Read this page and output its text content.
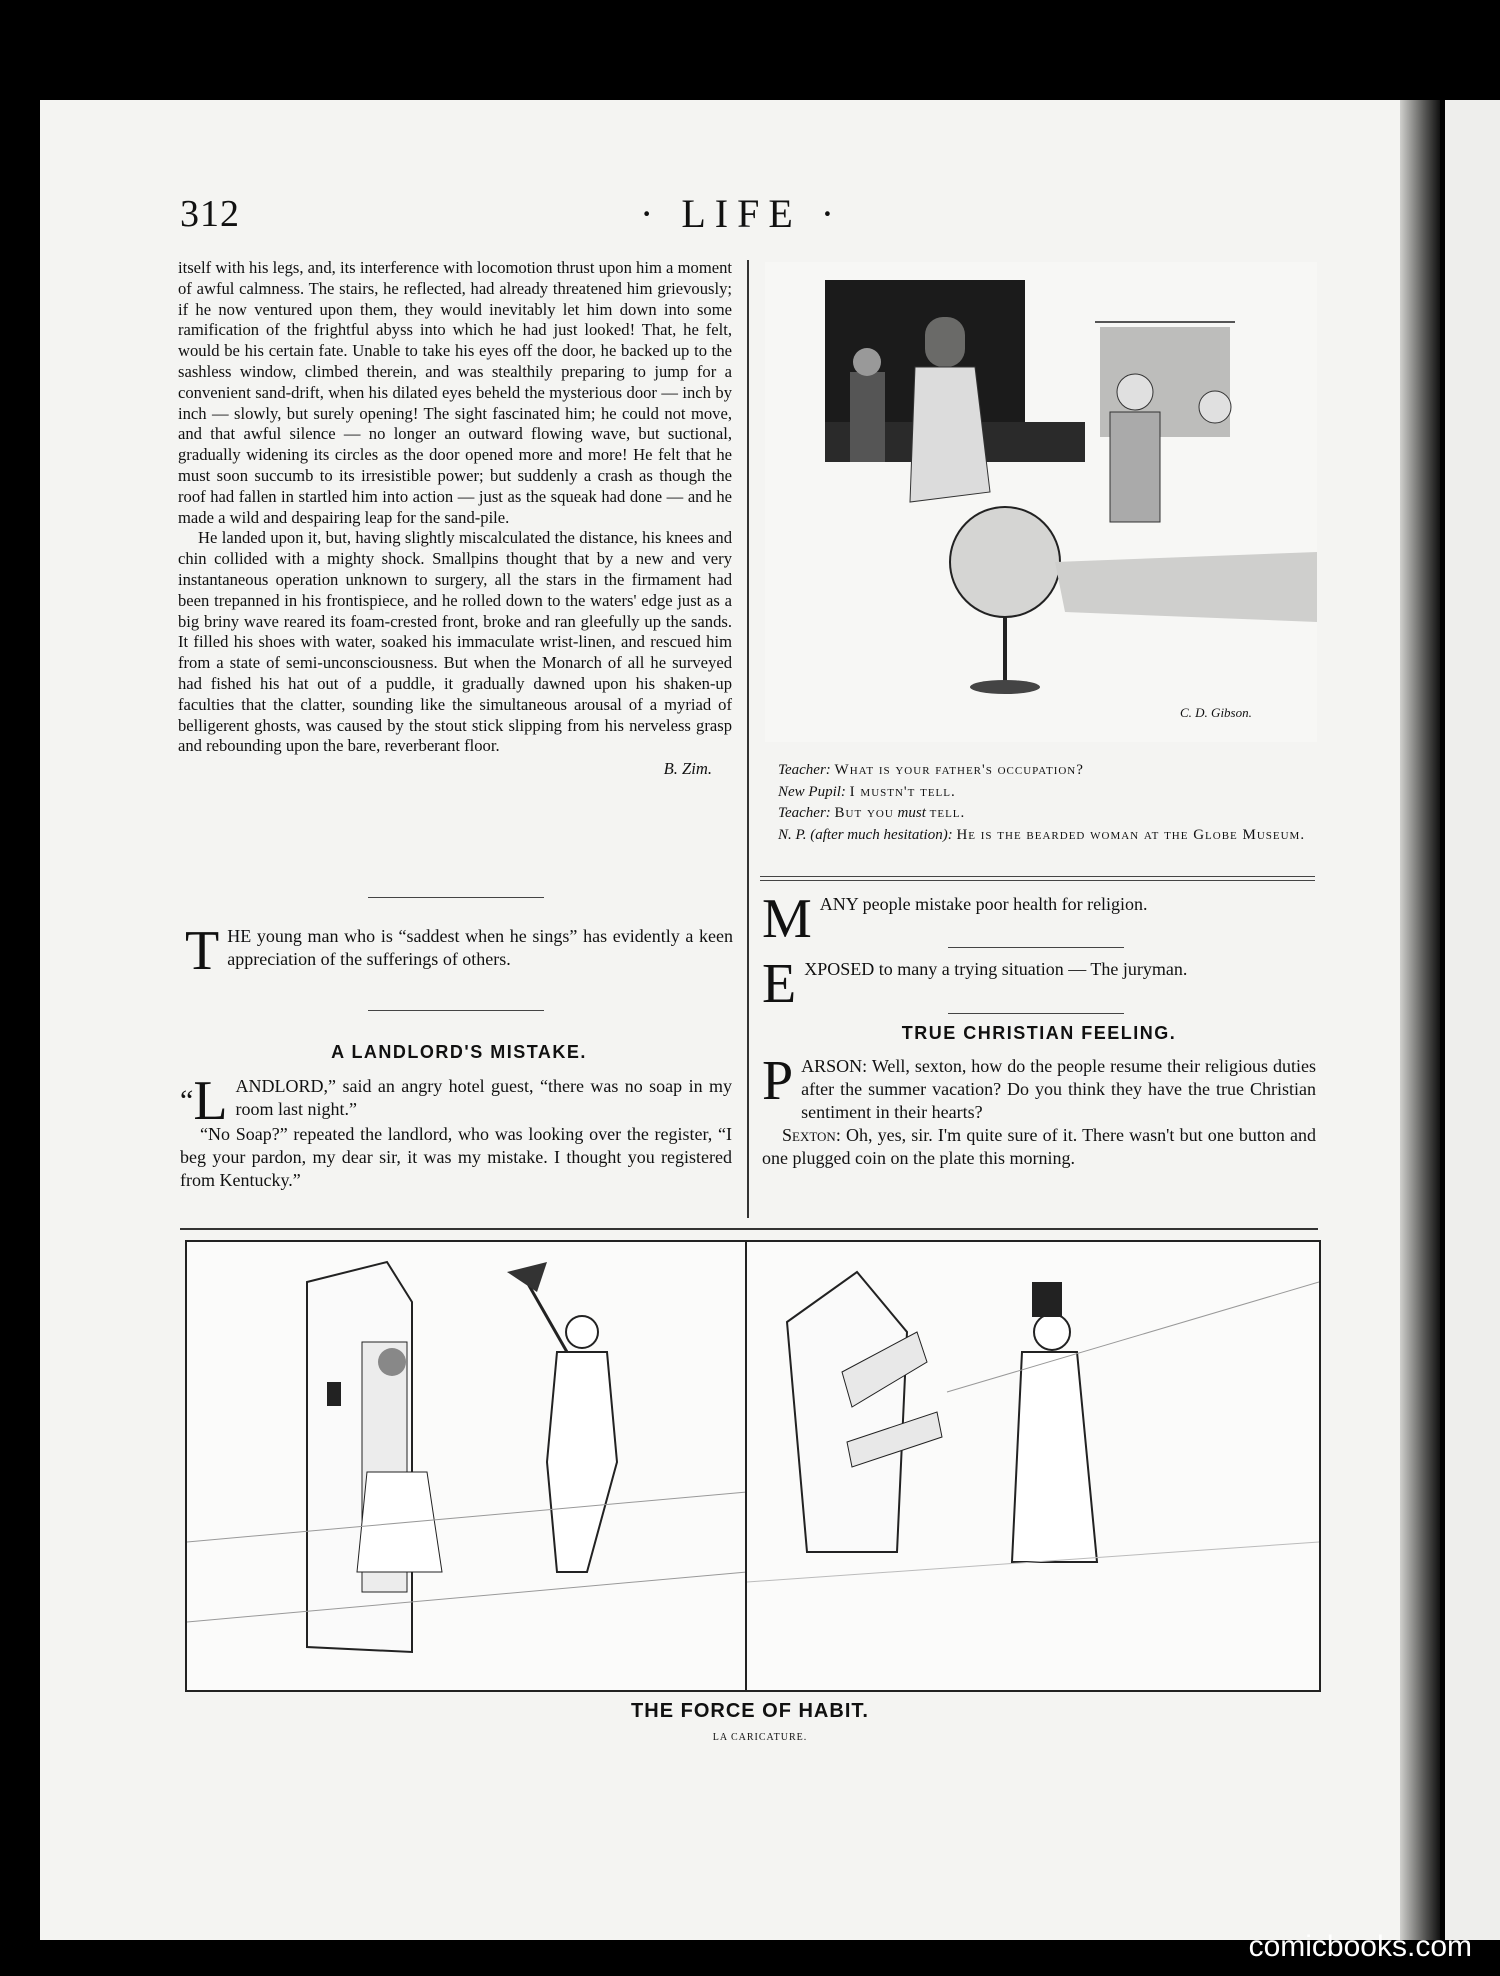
312	· LIFE ·

itself with his legs, and, its interference with locomotion thrust upon him a moment of awful calmness. The stairs, he reflected, had already threatened him grievously; if he now ventured upon them, they would inevitably let him down into some ramification of the frightful abyss into which he had just looked! That, he felt, would be his certain fate. Unable to take his eyes off the door, he backed up to the sashless window, climbed therein, and was stealthily preparing to jump for a convenient sand-drift, when his dilated eyes beheld the mysterious door — inch by inch — slowly, but surely opening! The sight fascinated him; he could not move, and that awful silence — no longer an outward flowing wave, but suctional, gradually widening its circles as the door opened more and more! He felt that he must soon succumb to its irresistible power; but suddenly a crash as though the roof had fallen in startled him into action — just as the squeak had done — and he made a wild and despairing leap for the sand-pile.

He landed upon it, but, having slightly miscalculated the distance, his knees and chin collided with a mighty shock. Smallpins thought that by a new and very instantaneous operation unknown to surgery, all the stars in the firmament had been trepanned in his frontispiece, and he rolled down to the waters' edge just as a big briny wave reared its foam-crested front, broke and ran gleefully up the sands. It filled his shoes with water, soaked his immaculate wrist-linen, and rescued him from a state of semi-unconsciousness. But when the Monarch of all he surveyed had fished his hat out of a puddle, it gradually dawned upon his shaken-up faculties that the clatter, sounding like the simultaneous arousal of a myriad of belligerent ghosts, was caused by the stout stick slipping from his nerveless grasp and rebounding upon the bare, reverberant floor.

B. Zim.

THE young man who is “saddest when he sings” has evidently a keen appreciation of the sufferings of others.
A LANDLORD'S MISTAKE.
“ L ANDLORD,” said an angry hotel guest, “there was no soap in my room last night.”

“No Soap?” repeated the landlord, who was looking over the register, “I beg your pardon, my dear sir, it was my mistake. I thought you registered from Kentucky.”

C. D. Gibson.
Teacher: What is your father's occupation?
New Pupil: I mustn't tell.
Teacher: But you must tell.
N. P. (after much hesitation): He is the bearded woman at the Globe Museum.
MANY people mistake poor health for religion.
EXPOSED to many a trying situation — The juryman.
TRUE CHRISTIAN FEELING.
PARSON: Well, sexton, how do the people resume their religious duties after the summer vacation? Do you think they have the true Christian sentiment in their hearts?

Sexton: Oh, yes, sir. I'm quite sure of it. There wasn't but one button and one plugged coin on the plate this morning.

THE FORCE OF HABIT.
LA CARICATURE.
comicbooks.com
